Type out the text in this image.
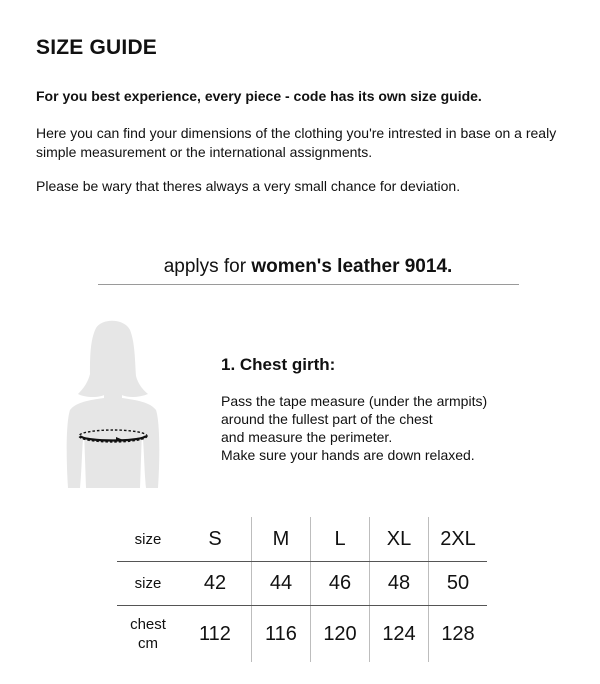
SIZE GUIDE

For you best experience, every piece - code has its own size guide.

Here you can find your dimensions of the clothing you're intrested in base on a realy simple measurement or the international assignments.

Please be wary that theres always a very small chance for deviation.

applys for women's leather 9014.

1. Chest girth:
Pass the tape measure (under the armpits)
around the fullest part of the chest
and measure the perimeter.
Make sure your hands are down relaxed.
size	S	M	L	XL	2XL
size	42	44	46	48	50

chest
cm	112	116	120	124	128
